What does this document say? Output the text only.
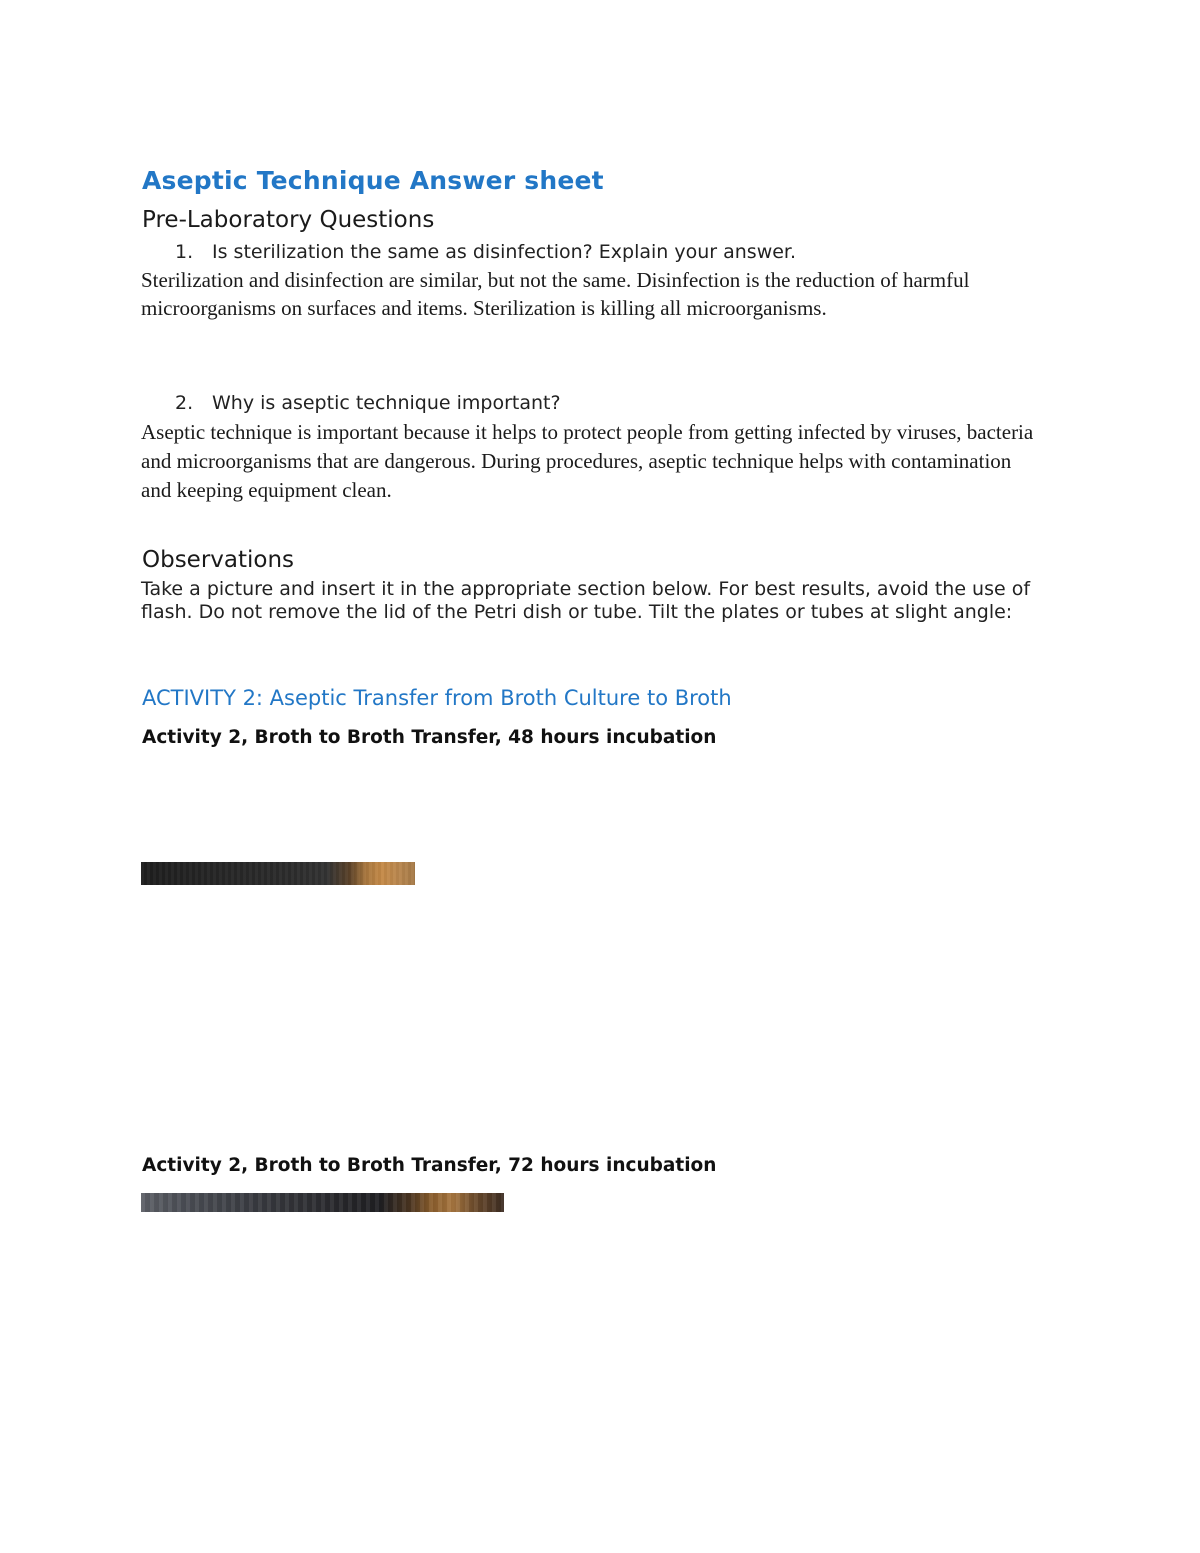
Aseptic Technique Answer sheet
Pre-Laboratory Questions
1. Is sterilization the same as disinfection? Explain your answer.
Sterilization and disinfection are similar, but not the same. Disinfection is the reduction of harmful microorganisms on surfaces and items. Sterilization is killing all microorganisms.
2. Why is aseptic technique important?
Aseptic technique is important because it helps to protect people from getting infected by viruses, bacteria and microorganisms that are dangerous. During procedures, aseptic technique helps with contamination and keeping equipment clean.
Observations
Take a picture and insert it in the appropriate section below. For best results, avoid the use of flash. Do not remove the lid of the Petri dish or tube. Tilt the plates or tubes at slight angle:
ACTIVITY 2: Aseptic Transfer from Broth Culture to Broth
Activity 2, Broth to Broth Transfer, 48 hours incubation
Activity 2, Broth to Broth Transfer, 72 hours incubation
